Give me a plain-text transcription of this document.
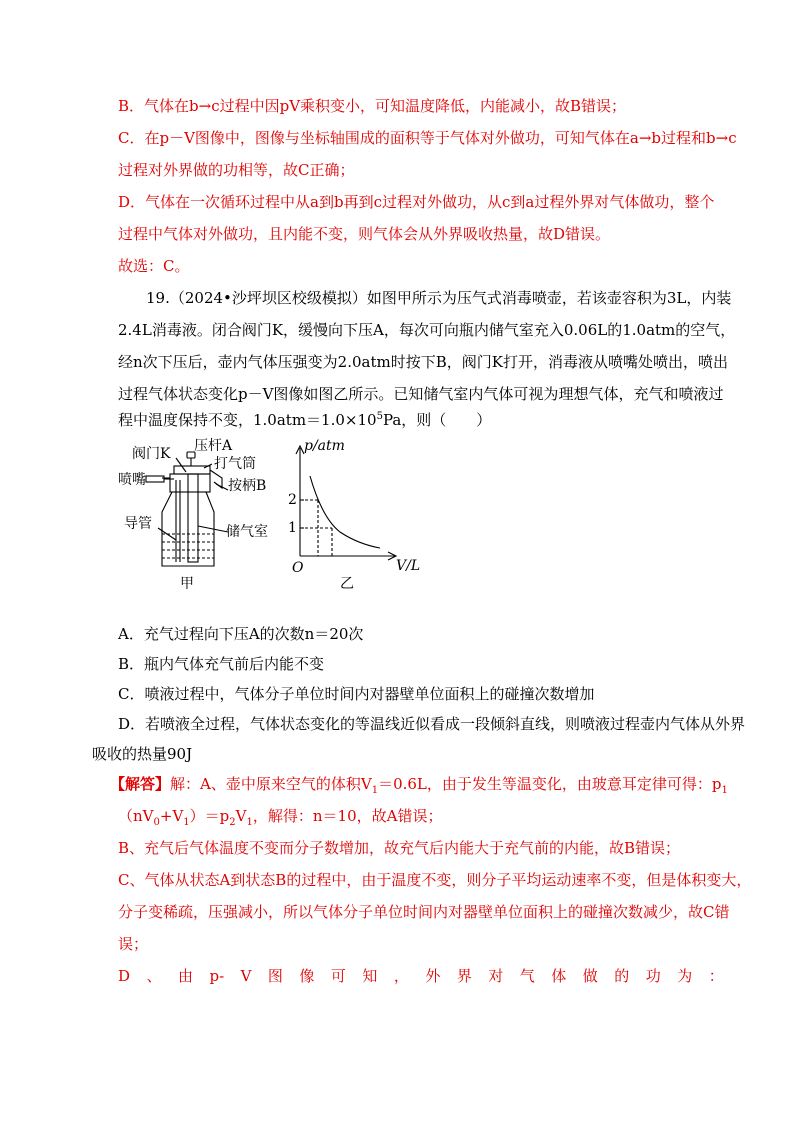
B．气体在b→c过程中因pV乘积变小，可知温度降低，内能减小，故B错误；
C．在p－V图像中，图像与坐标轴围成的面积等于气体对外做功，可知气体在a→b过程和b→c
过程对外界做的功相等，故C正确；
D．气体在一次循环过程中从a到b再到c过程对外做功，从c到a过程外界对气体做功，整个
过程中气体对外做功，且内能不变，则气体会从外界吸收热量，故D错误。
故选：C。
19.（2024•沙坪坝区校级模拟）如图甲所示为压气式消毒喷壶，若该壶容积为3L，内装
2.4L消毒液。闭合阀门K，缓慢向下压A，每次可向瓶内储气室充入0.06L的1.0atm的空气，
经n次下压后，壶内气体压强变为2.0atm时按下B，阀门K打开，消毒液从喷嘴处喷出，喷出
过程气体状态变化p－V图像如图乙所示。已知储气室内气体可视为理想气体，充气和喷液过
程中温度保持不变，$1.0atm=1.0\times 10^5Pa$，则（　　）
压杆A
阀门K
打气筒
喷嘴	按柄B
导管	储气室
甲
p/atm
2
1
O	V/L
乙
A．充气过程向下压A的次数n＝20次
B．瓶内气体充气前后内能不变
C．喷液过程中，气体分子单位时间内对器壁单位面积上的碰撞次数增加
D．若喷液全过程，气体状态变化的等温线近似看成一段倾斜直线，则喷液过程壶内气体从外界
吸收的热量90J
【解答】解：A、壶中原来空气的体积$V_1=0.6L$，由于发生等温变化，由玻意耳定律可得：$p_1$
$(nV_0+V_1)=p_2V_1$，解得：n＝10，故A错误；
B、充气后气体温度不变而分子数增加，故充气后内能大于充气前的内能，故B错误；
C、气体从状态A到状态B的过程中，由于温度不变，则分子平均运动速率不变，但是体积变大，
分子变稀疏，压强减小，所以气体分子单位时间内对器壁单位面积上的碰撞次数减少，故C错
误；
D 、 由 p- V 图 像 可 知 ， 外 界 对 气 体 做 的 功 为 ：
